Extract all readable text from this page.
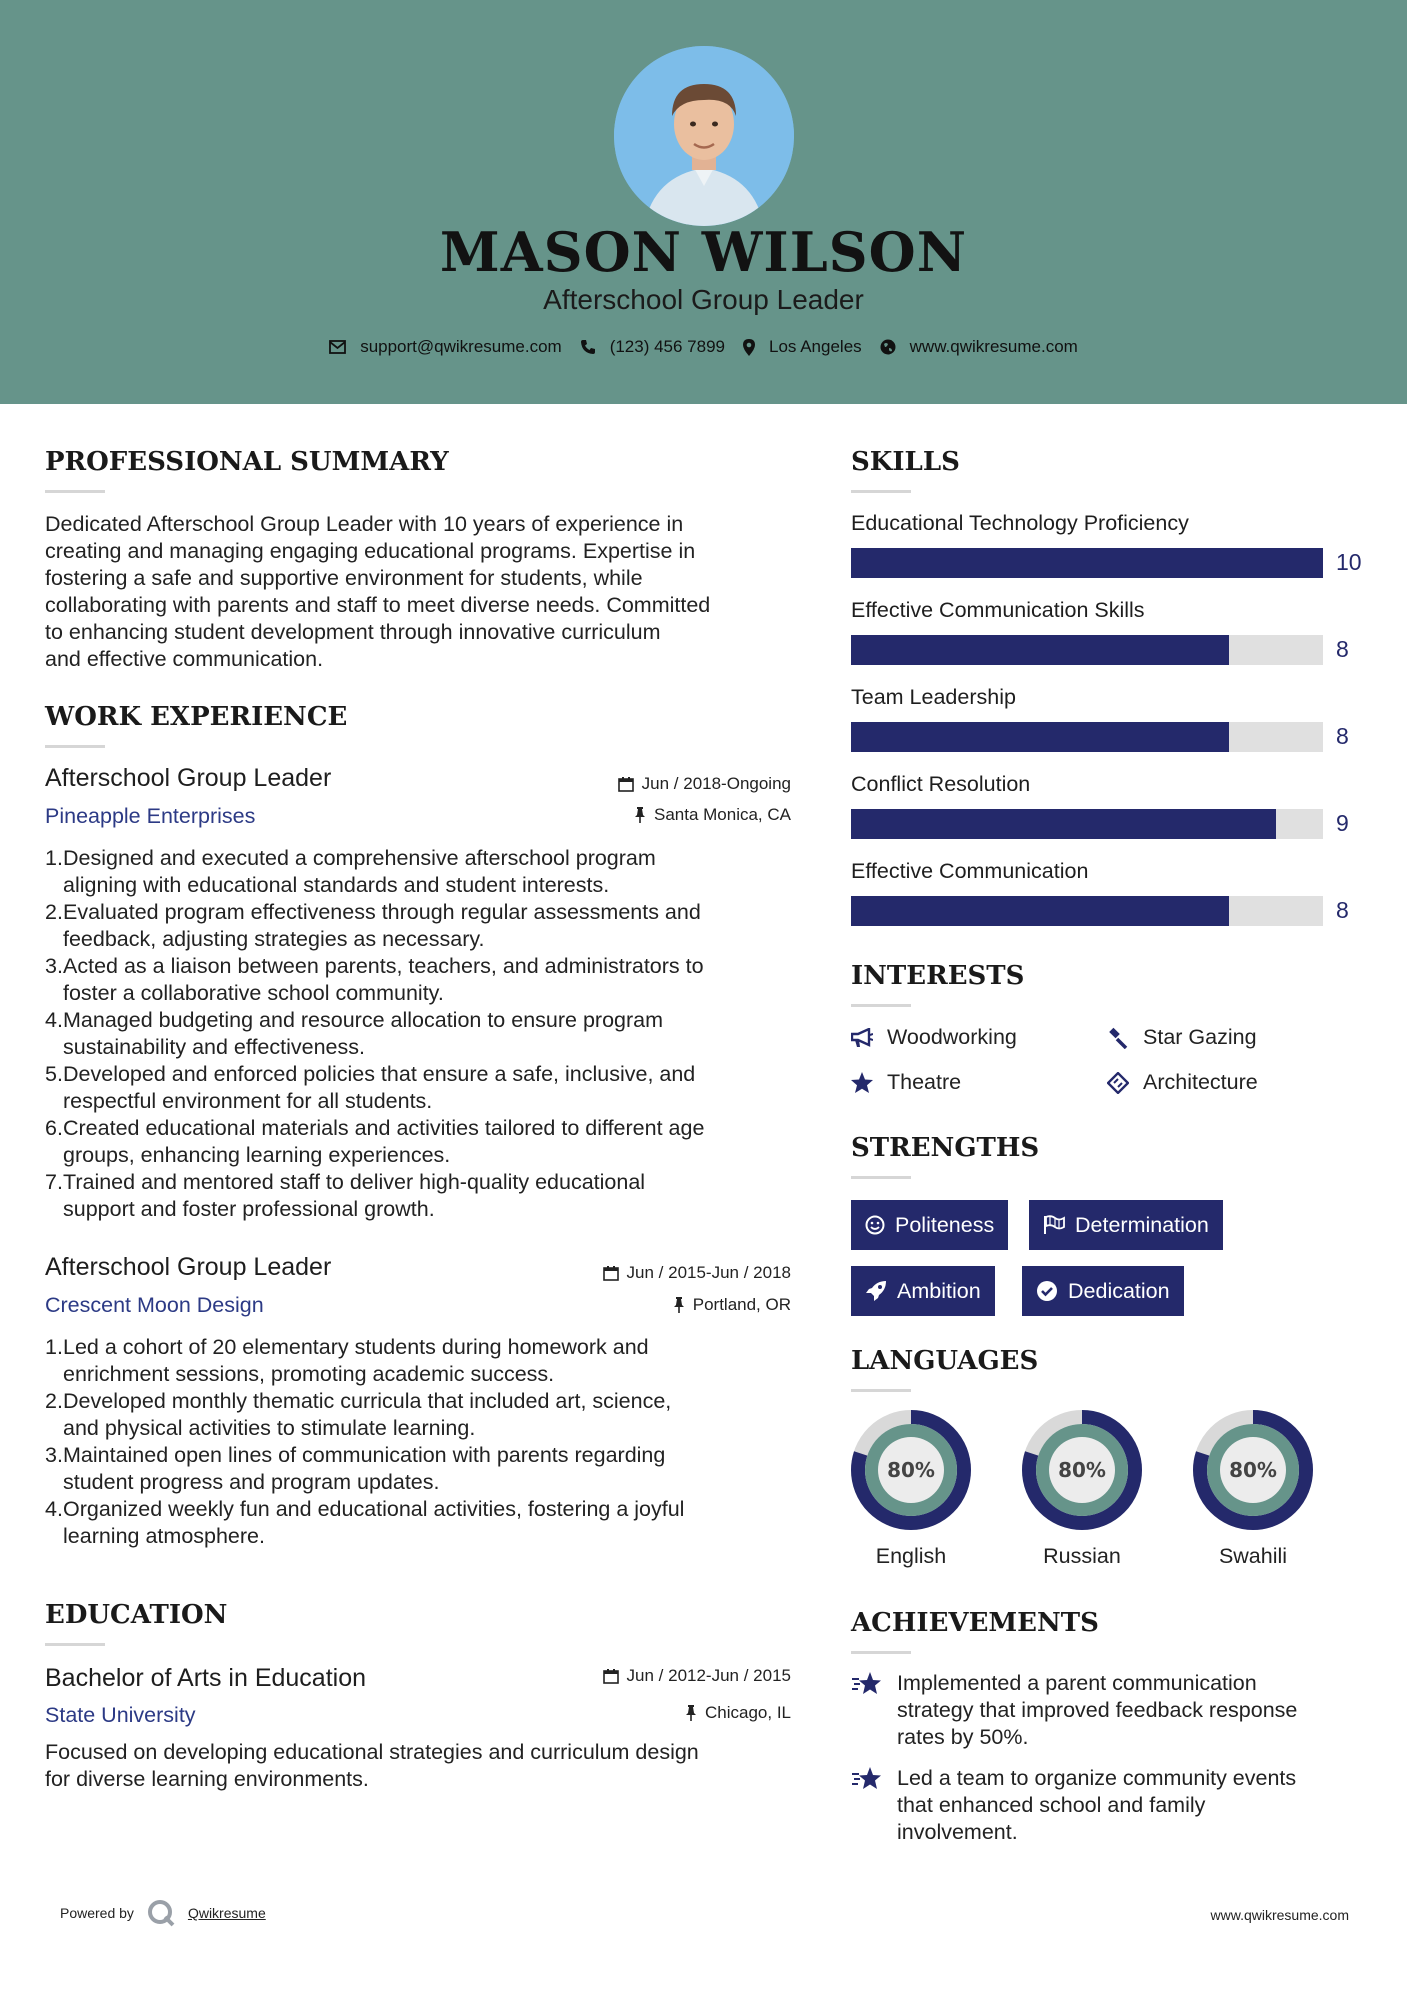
MASON WILSON
Afterschool Group Leader
support@qwikresume.com	(123) 456 7899	Los Angeles	www.qwikresume.com
PROFESSIONAL SUMMARY
Dedicated Afterschool Group Leader with 10 years of experience in
creating and managing engaging educational programs. Expertise in
fostering a safe and supportive environment for students, while
collaborating with parents and staff to meet diverse needs. Committed
to enhancing student development through innovative curriculum
and effective communication.
WORK EXPERIENCE
Afterschool Group Leader
Pineapple Enterprises
Jun / 2018-Ongoing
Santa Monica, CA
1. Designed and executed a comprehensive afterschool program
aligning with educational standards and student interests.
2. Evaluated program effectiveness through regular assessments and
feedback, adjusting strategies as necessary.
3. Acted as a liaison between parents, teachers, and administrators to
foster a collaborative school community.
4. Managed budgeting and resource allocation to ensure program
sustainability and effectiveness.
5. Developed and enforced policies that ensure a safe, inclusive, and
respectful environment for all students.
6. Created educational materials and activities tailored to different age
groups, enhancing learning experiences.
7. Trained and mentored staff to deliver high-quality educational
support and foster professional growth.
Afterschool Group Leader
Crescent Moon Design
Jun / 2015-Jun / 2018
Portland, OR
1. Led a cohort of 20 elementary students during homework and
enrichment sessions, promoting academic success.
2. Developed monthly thematic curricula that included art, science,
and physical activities to stimulate learning.
3. Maintained open lines of communication with parents regarding
student progress and program updates.
4. Organized weekly fun and educational activities, fostering a joyful
learning atmosphere.
EDUCATION
Bachelor of Arts in Education
State University
Jun / 2012-Jun / 2015
Chicago, IL
Focused on developing educational strategies and curriculum design
for diverse learning environments.
SKILLS
Educational Technology Proficiency
10
Effective Communication Skills
8
Team Leadership
8
Conflict Resolution
9
Effective Communication
8
INTERESTS
Woodworking	Star Gazing
Theatre	Architecture
STRENGTHS
Politeness	Determination
Ambition	Dedication
LANGUAGES
80%
English
80%
Russian
80%
Swahili
ACHIEVEMENTS
Implemented a parent communication
strategy that improved feedback response
rates by 50%.
Led a team to organize community events
that enhanced school and family
involvement.
Powered by	Qwikresume	www.qwikresume.com
